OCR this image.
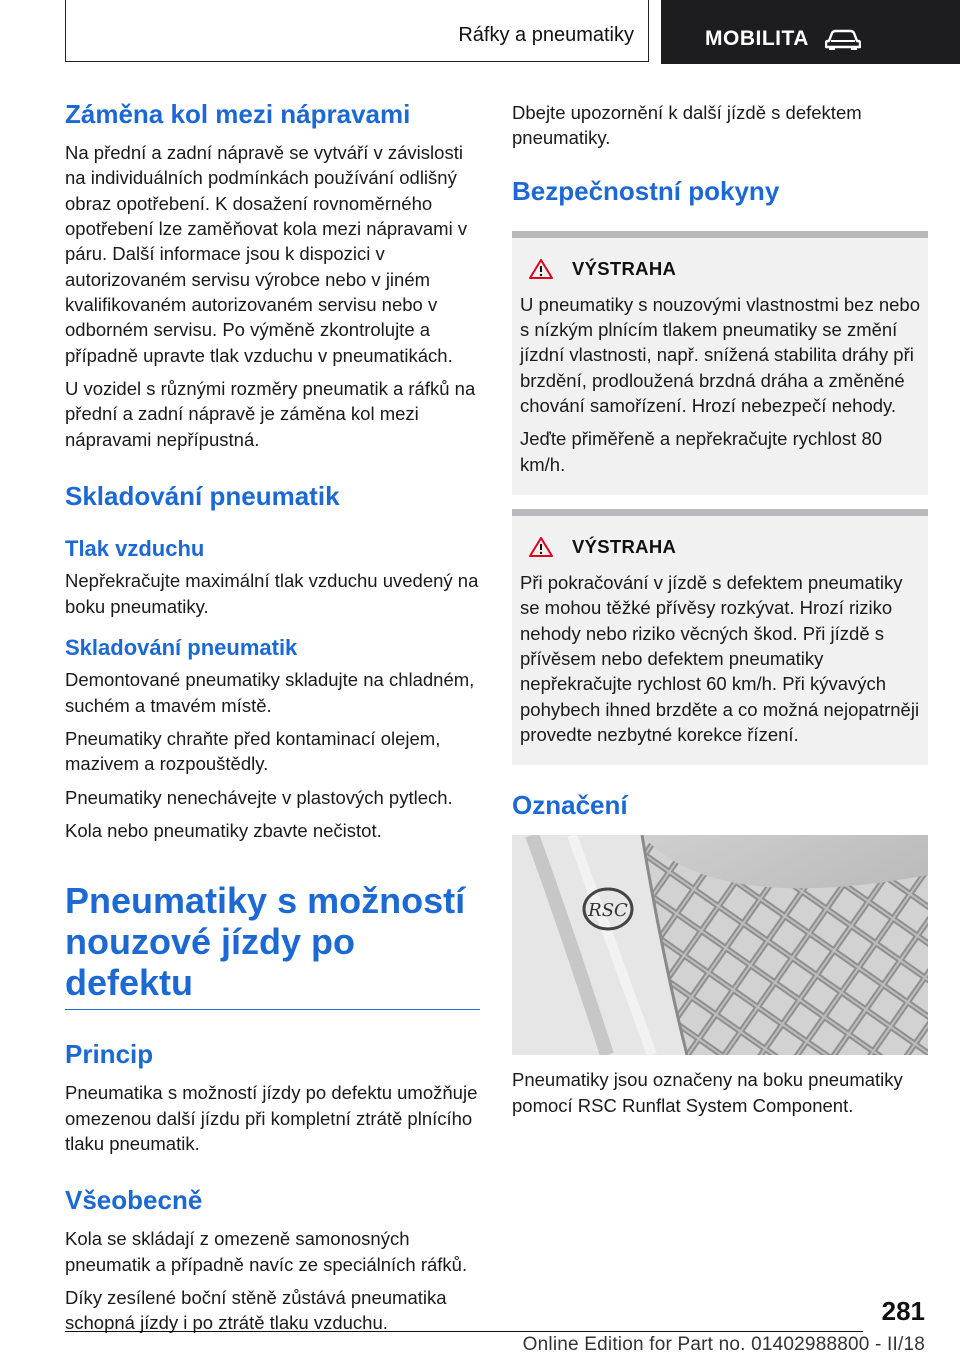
Ráfky a pneumatiky	MOBILITA
Záměna kol mezi nápravami

Na přední a zadní nápravě se vytváří v závislosti na individuálních podmínkách používání odlišný obraz opotřebení. K dosažení rovnoměrného opotřebení lze zaměňovat kola mezi nápravami v páru. Další informace jsou k dispozici v autorizovaném servisu výrobce nebo v jiném kvalifikovaném autorizovaném servisu nebo v odborném servisu. Po výměně zkontrolujte a případně upravte tlak vzduchu v pneumatikách.

U vozidel s různými rozměry pneumatik a ráfků na přední a zadní nápravě je záměna kol mezi nápravami nepřípustná.

Skladování pneumatik
Tlak vzduchu

Nepřekračujte maximální tlak vzduchu uvedený na boku pneumatiky.

Skladování pneumatik

Demontované pneumatiky skladujte na chladném, suchém a tmavém místě.

Pneumatiky chraňte před kontaminací olejem, mazivem a rozpouštědly.

Pneumatiky nenechávejte v plastových pytlech.

Kola nebo pneumatiky zbavte nečistot.

Pneumatiky s možností nouzové jízdy po defektu
Princip

Pneumatika s možností jízdy po defektu umožňuje omezenou další jízdu při kompletní ztrátě plnícího tlaku pneumatik.

Všeobecně

Kola se skládají z omezeně samonosných pneumatik a případně navíc ze speciálních ráfků.

Díky zesílené boční stěně zůstává pneumatika schopná jízdy i po ztrátě tlaku vzduchu.

Dbejte upozornění k další jízdě s defektem pneumatiky.

Bezpečnostní pokyny
VÝSTRAHA

U pneumatiky s nouzovými vlastnostmi bez nebo s nízkým plnícím tlakem pneumatiky se změní jízdní vlastnosti, např. snížená stabilita dráhy při brzdění, prodloužená brzdná dráha a změněné chování samořízení. Hrozí nebezpečí nehody.

Jeďte přiměřeně a nepřekračujte rychlost 80 km/h.

VÝSTRAHA

Při pokračování v jízdě s defektem pneumatiky se mohou těžké přívěsy rozkývat. Hrozí riziko nehody nebo riziko věcných škod. Při jízdě s přívěsem nebo defektem pneumatiky nepřekračujte rychlost 60 km/h. Při kývavých pohybech ihned brzděte a co možná nejopatrněji provedte nezbytné korekce řízení.

Označení
RSC

Pneumatiky jsou označeny na boku pneumatiky pomocí RSC Runflat System Component.

281
Online Edition for Part no. 01402988800 - II/18
